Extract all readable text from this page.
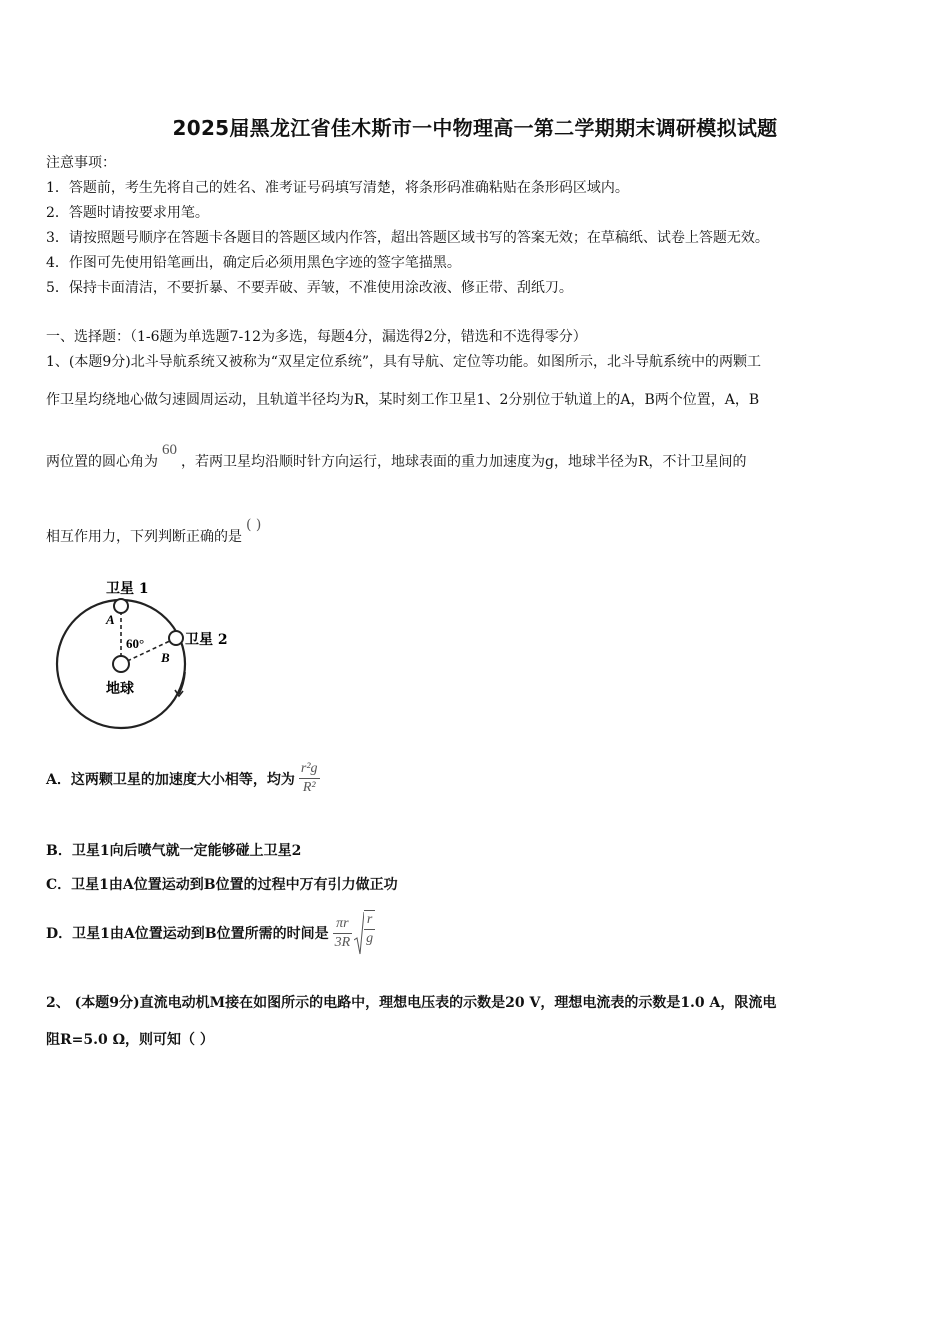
2025届黑龙江省佳木斯市一中物理高一第二学期期末调研模拟试题
注意事项：
1．答题前，考生先将自己的姓名、准考证号码填写清楚，将条形码准确粘贴在条形码区域内。
2．答题时请按要求用笔。
3．请按照题号顺序在答题卡各题目的答题区域内作答，超出答题区域书写的答案无效；在草稿纸、试卷上答题无效。
4．作图可先使用铅笔画出，确定后必须用黑色字迹的签字笔描黑。
5．保持卡面清洁，不要折暴、不要弄破、弄皱，不准使用涂改液、修正带、刮纸刀。
一、选择题：（1-6题为单选题7-12为多选，每题4分，漏选得2分，错选和不选得零分）
1、(本题9分)北斗导航系统又被称为“双星定位系统”，具有导航、定位等功能。如图所示，北斗导航系统中的两颗工
作卫星均绕地心做匀速圆周运动，且轨道半径均为R，某时刻工作卫星1、2分别位于轨道上的A，B两个位置，A，B
两位置的圆心角为60，若两卫星均沿顺时针方向运行，地球表面的重力加速度为g，地球半径为R，不计卫星间的
相互作用力，下列判断正确的是( )
卫星 1
卫星 2
A
B
60°
地球
A．这两颗卫星的加速度大小相等，均为 $\frac{\text{r²g}}{\text{R²}}$
B．卫星1向后喷气就一定能够碰上卫星2
C．卫星1由A位置运动到B位置的过程中万有引力做正功
D．卫星1由A位置运动到B位置所需的时间是 $\frac{\pi r}{3R} \frac{r}{g}$
2、 (本题9分)直流电动机M接在如图所示的电路中，理想电压表的示数是20 V，理想电流表的示数是1.0 A，限流电
阻R=5.0 Ω，则可知（ ）
